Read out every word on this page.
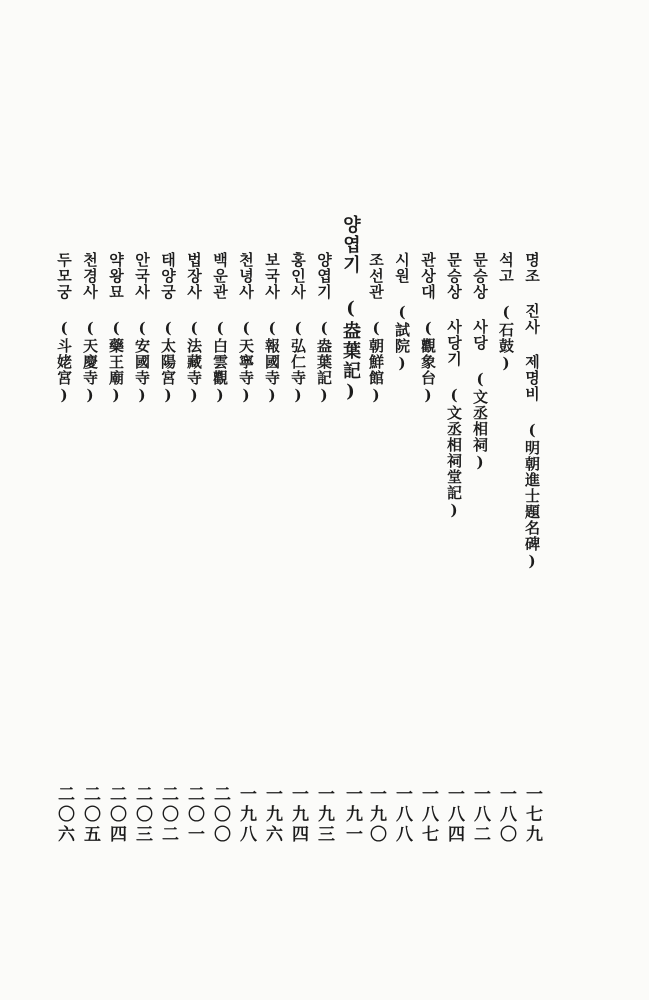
명조 진사 제명비 (明朝進士題名碑)
一七九
석고 (石鼓)
一八〇
문승상 사당 (文丞相祠)
一八二
문승상 사당기 (文丞相祠堂記)
一八四
관상대 (觀象台)
一八七
시원 (試院)
一八八
조선관 (朝鮮館)
一九〇
양엽기 (盎葉記)
一九一
양엽기 (盎葉記)
一九三
홍인사 (弘仁寺)
一九四
보국사 (報國寺)
一九六
천녕사 (天寧寺)
一九八
백운관 (白雲觀)
二〇〇
법장사 (法藏寺)
二〇一
태양궁 (太陽宮)
二〇二
안국사 (安國寺)
二〇三
약왕묘 (藥王廟)
二〇四
천경사 (天慶寺)
二〇五
두모궁 (斗姥宮)
二〇六
